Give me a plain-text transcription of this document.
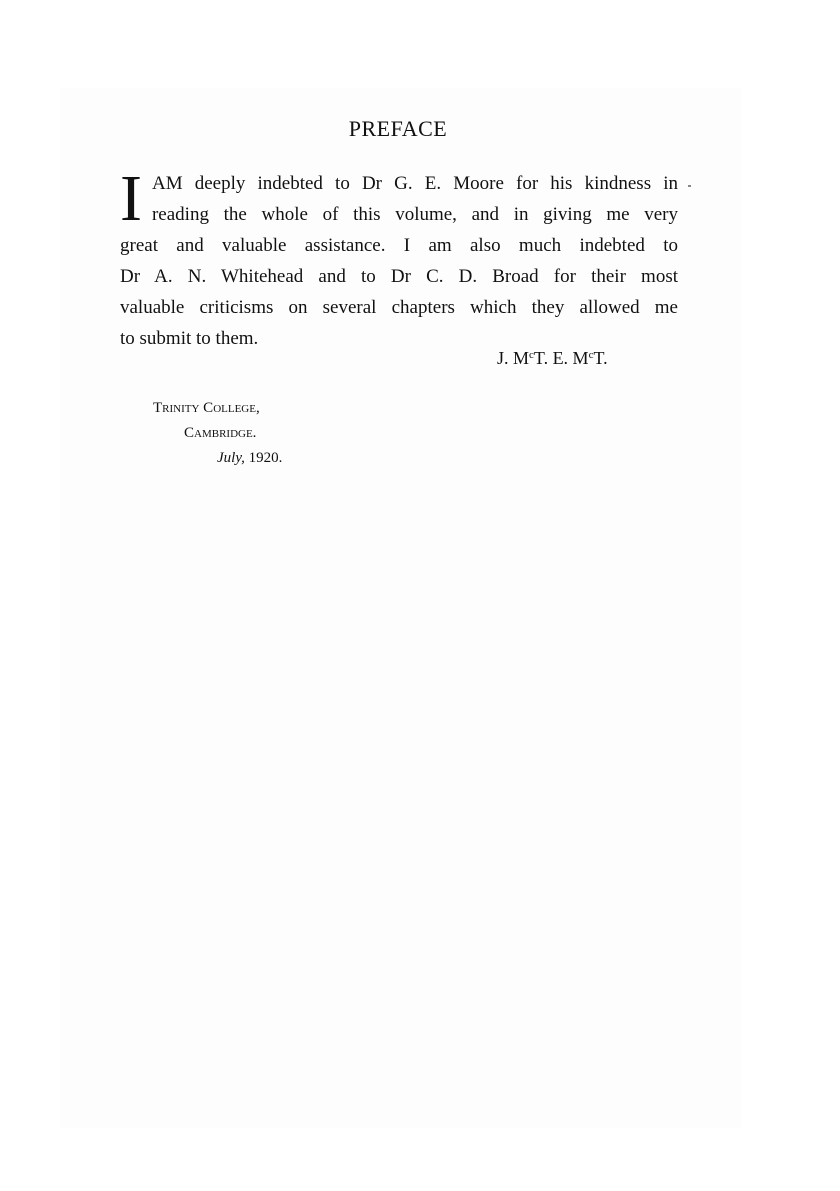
PREFACE
I AM deeply indebted to Dr G. E. Moore for his kindness in
reading the whole of this volume, and in giving me very
great and valuable assistance. I am also much indebted to
Dr A. N. Whitehead and to Dr C. D. Broad for their most
valuable criticisms on several chapters which they allowed me
to submit to them.

J. $M^cT$. E. $M^cT$.

Trinity College,

Cambridge.

July, 1920.
